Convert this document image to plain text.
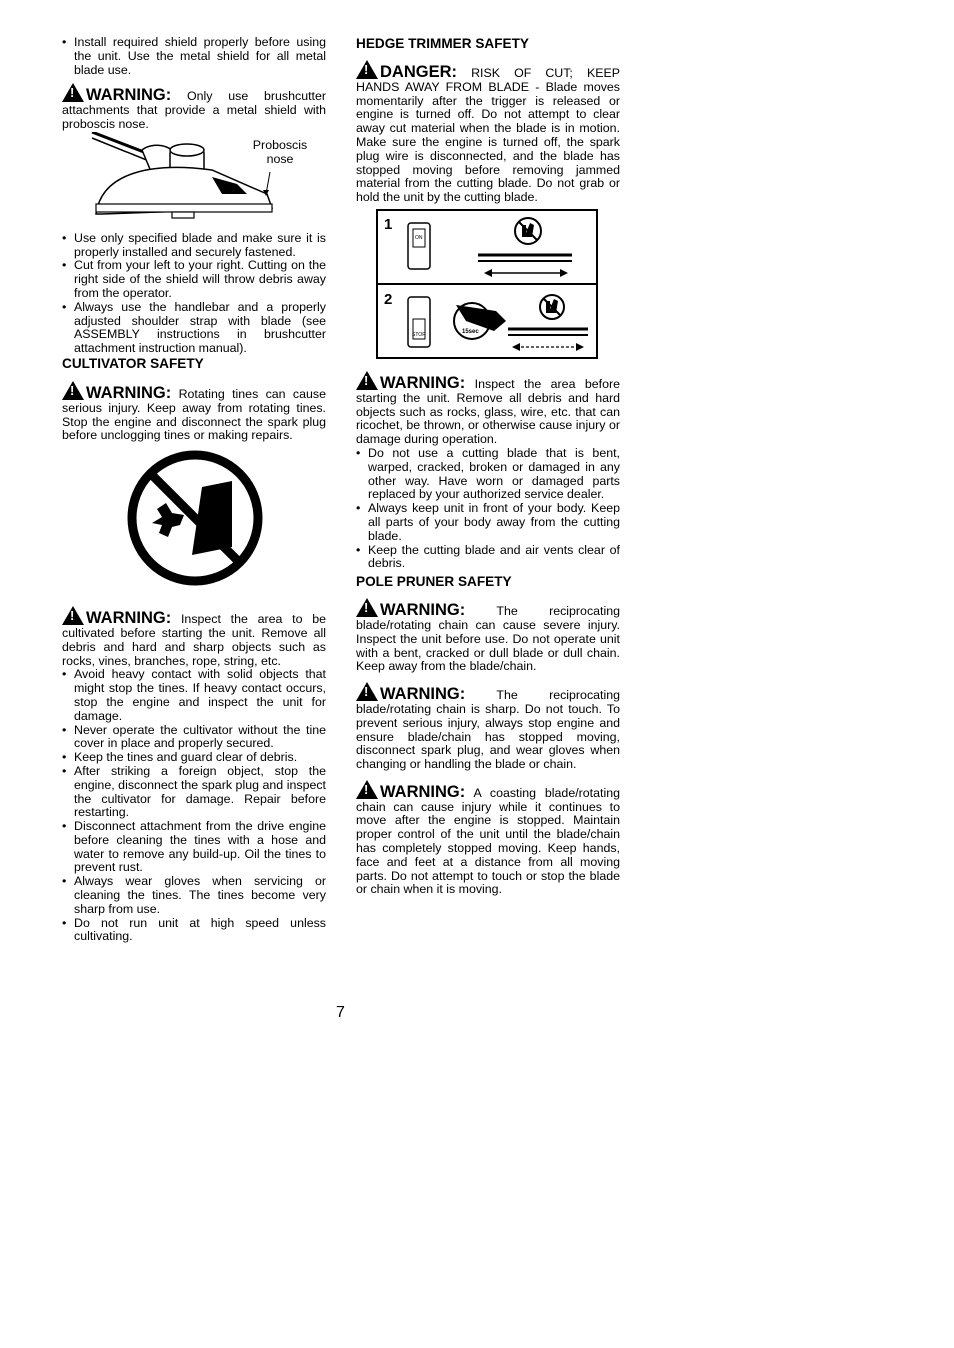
• Install required shield properly before using the unit. Use the metal shield for all metal blade use.

!WARNING: Only use brushcutter attachments that provide a metal shield with proboscis nose.

Proboscis
nose
• Use only specified blade and make sure it is properly installed and securely fastened.
• Cut from your left to your right. Cutting on the right side of the shield will throw debris away from the operator.
• Always use the handlebar and a properly adjusted shoulder strap with blade (see ASSEMBLY instructions in brushcutter attachment instruction manual).
CULTIVATOR SAFETY

!WARNING: Rotating tines can cause serious injury. Keep away from rotating tines. Stop the engine and disconnect the spark plug before unclogging tines or making repairs.

!WARNING: Inspect the area to be cultivated before starting the unit. Remove all debris and hard and sharp objects such as rocks, vines, branches, rope, string, etc.

• Avoid heavy contact with solid objects that might stop the tines. If heavy contact occurs, stop the engine and inspect the unit for damage.
• Never operate the cultivator without the tine cover in place and properly secured.
• Keep the tines and guard clear of debris.
• After striking a foreign object, stop the engine, disconnect the spark plug and inspect the cultivator for damage. Repair before restarting.
• Disconnect attachment from the drive engine before cleaning the tines with a hose and water to remove any build-up. Oil the tines to prevent rust.
• Always wear gloves when servicing or cleaning the tines. The tines become very sharp from use.
• Do not run unit at high speed unless cultivating.
HEDGE TRIMMER SAFETY

!DANGER: RISK OF CUT; KEEP HANDS AWAY FROM BLADE - Blade moves momentarily after the trigger is released or engine is turned off. Do not attempt to clear away cut material when the blade is in motion. Make sure the engine is turned off, the spark plug wire is disconnected, and the blade has stopped moving before removing jammed material from the cutting blade. Do not grab or hold the unit by the cutting blade.

1
2
ON
STOP	15sec

!WARNING: Inspect the area before starting the unit. Remove all debris and hard objects such as rocks, glass, wire, etc. that can ricochet, be thrown, or otherwise cause injury or damage during operation.

• Do not use a cutting blade that is bent, warped, cracked, broken or damaged in any other way. Have worn or damaged parts replaced by your authorized service dealer.
• Always keep unit in front of your body. Keep all parts of your body away from the cutting blade.
• Keep the cutting blade and air vents clear of debris.
POLE PRUNER SAFETY

!WARNING:	The reciprocating blade/rotating chain can cause severe injury. Inspect the unit before use. Do not operate unit with a bent, cracked or dull blade or dull chain. Keep away from the blade/chain.

!WARNING:	The reciprocating blade/rotating chain is sharp. Do not touch. To prevent serious injury, always stop engine and ensure blade/chain has stopped moving, disconnect spark plug, and wear gloves when changing or handling the blade or chain.

!WARNING: A coasting blade/rotating chain can cause injury while it continues to move after the engine is stopped. Maintain proper control of the unit until the blade/chain has completely stopped moving. Keep hands, face and feet at a distance from all moving parts. Do not attempt to touch or stop the blade or chain when it is moving.

7
